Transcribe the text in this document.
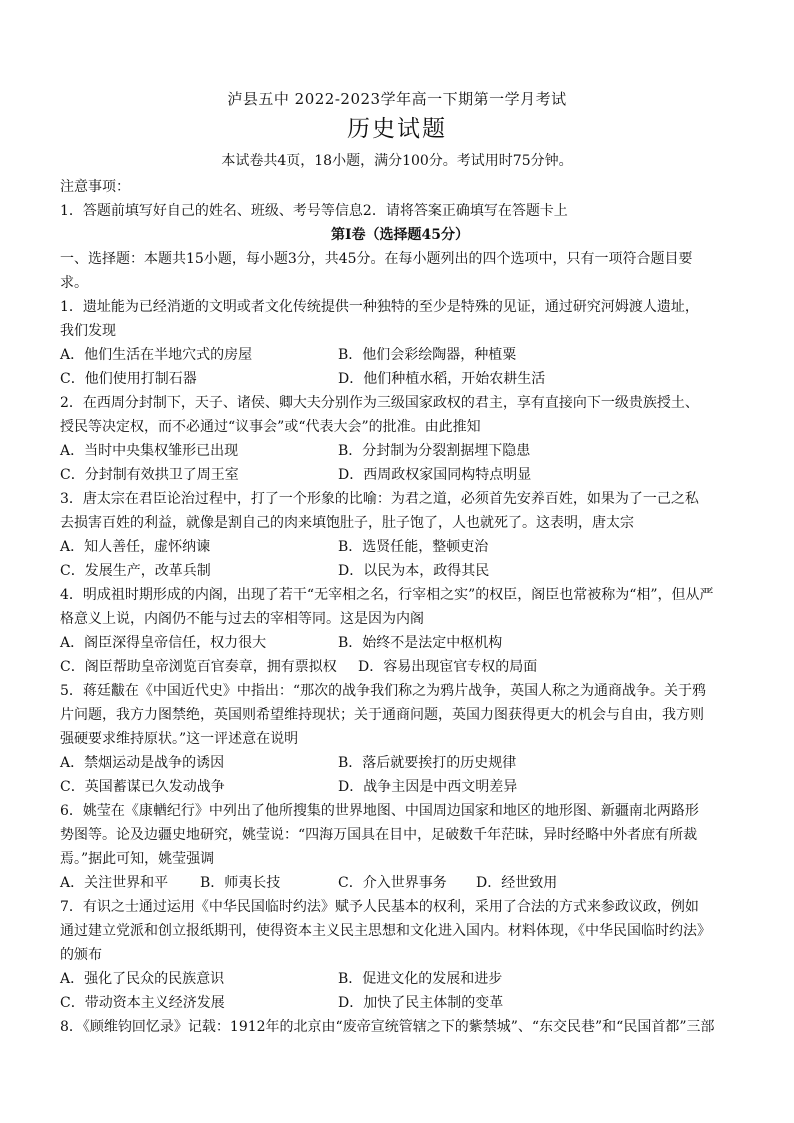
泸县五中 2022-2023学年高一下期第一学月考试
历史试题
本试卷共4页，18小题，满分100分。考试用时75分钟。
注意事项：
1．答题前填写好自己的姓名、班级、考号等信息2．请将答案正确填写在答题卡上
第Ⅰ卷（选择题45分）
一、选择题：本题共15小题，每小题3分，共45分。在每小题列出的四个选项中，只有一项符合题目要
求。
1．遗址能为已经消逝的文明或者文化传统提供一种独特的至少是特殊的见证，通过研究河姆渡人遗址，
我们发现
A．他们生活在半地穴式的房屋	B．他们会彩绘陶器，种植粟
C．他们使用打制石器	D．他们种植水稻，开始农耕生活
2．在西周分封制下，天子、诸侯、卿大夫分别作为三级国家政权的君主，享有直接向下一级贵族授土、
授民等决定权，而不必通过“议事会”或“代表大会”的批准。由此推知
A．当时中央集权雏形已出现	B．分封制为分裂割据埋下隐患
C．分封制有效拱卫了周王室	D．西周政权家国同构特点明显
3．唐太宗在君臣论治过程中，打了一个形象的比喻：为君之道，必须首先安养百姓，如果为了一己之私
去损害百姓的利益，就像是割自己的肉来填饱肚子，肚子饱了，人也就死了。这表明，唐太宗
A．知人善任，虚怀纳谏	B．选贤任能，整顿吏治
C．发展生产，改革兵制	D．以民为本，政得其民
4．明成祖时期形成的内阁，出现了若干“无宰相之名，行宰相之实”的权臣，阁臣也常被称为“相”，但从严
格意义上说，内阁仍不能与过去的宰相等同。这是因为内阁
A．阁臣深得皇帝信任，权力很大	B．始终不是法定中枢机构
C．阁臣帮助皇帝浏览百官奏章，拥有票拟权 D．容易出现宦官专权的局面
5．蒋廷黻在《中国近代史》中指出：“那次的战争我们称之为鸦片战争，英国人称之为通商战争。关于鸦
片问题，我方力图禁绝，英国则希望维持现状；关于通商问题，英国力图获得更大的机会与自由，我方则
强硬要求维持原状。”这一评述意在说明
A．禁烟运动是战争的诱因	B．落后就要挨打的历史规律
C．英国蓄谋已久发动战争	D．战争主因是中西文明差异
6．姚莹在《康輶纪行》中列出了他所搜集的世界地图、中国周边国家和地区的地形图、新疆南北两路形
势图等。论及边疆史地研究，姚莹说：“四海万国具在目中，足破数千年茫昧，异时经略中外者庶有所裁
焉。”据此可知，姚莹强调
A．关注世界和平 B．师夷长技	C．介入世界事务 D．经世致用
7．有识之士通过运用《中华民国临时约法》赋予人民基本的权利，采用了合法的方式来参政议政，例如
通过建立党派和创立报纸期刊，使得资本主义民主思想和文化进入国内。材料体现，《中华民国临时约法》
的颁布
A．强化了民众的民族意识	B．促进文化的发展和进步
C．带动资本主义经济发展	D．加快了民主体制的变革
8．《顾维钧回忆录》记载：1912年的北京由“废帝宣统管辖之下的紫禁城”、“东交民巷”和“民国首都”三部
